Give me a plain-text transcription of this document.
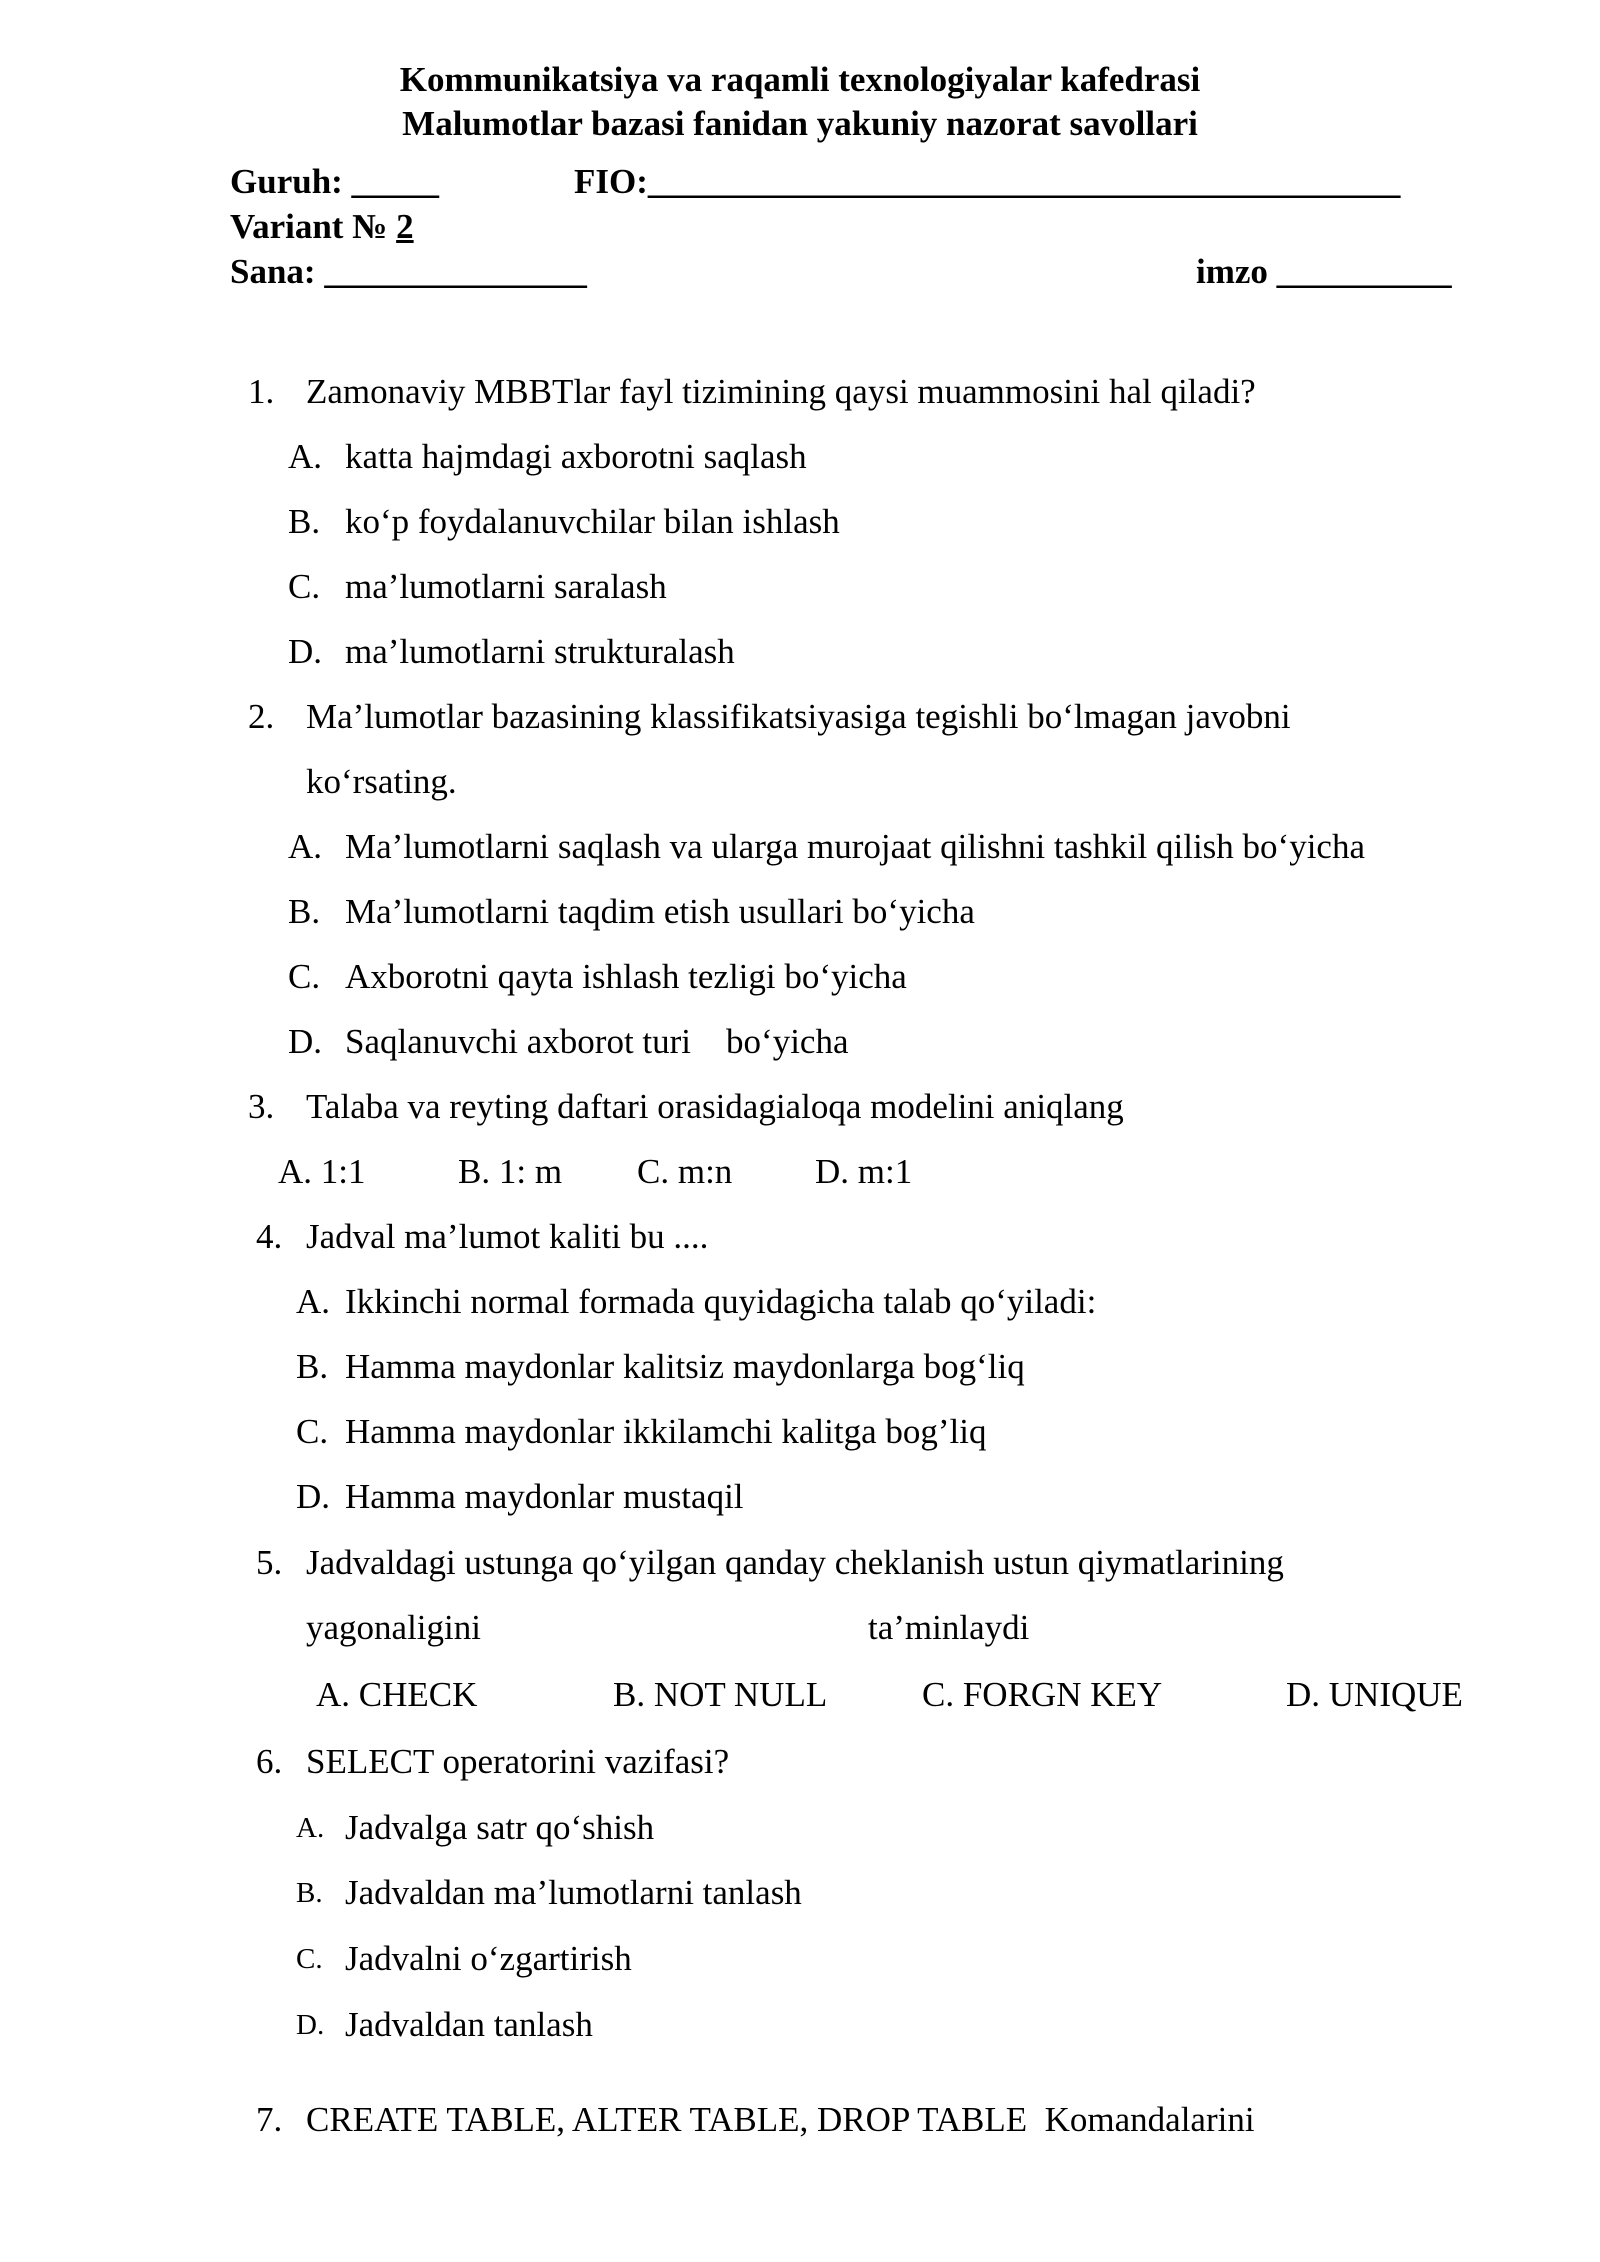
Kommunikatsiya va raqamli texnologiyalar kafedrasi
Malumotlar bazasi fanidan yakuniy nazorat savollari
Guruh: _____	FIO:___________________________________________
Variant № 2
Sana: _______________	imzo __________
1. Zamonaviy MBBTlar fayl tizimining qaysi muammosini hal qiladi?
A. katta hajmdagi axborotni saqlash
B. ko‘p foydalanuvchilar bilan ishlash
C. ma’lumotlarni saralash
D. ma’lumotlarni strukturalash
2. Ma’lumotlar bazasining klassifikatsiyasiga tegishli bo‘lmagan javobni
ko‘rsating.
A. Ma’lumotlarni saqlash va ularga murojaat qilishni tashkil qilish bo‘yicha
B. Ma’lumotlarni taqdim etish usullari bo‘yicha
C. Axborotni qayta ishlash tezligi bo‘yicha
D. Saqlanuvchi axborot turi    bo‘yicha
3. Talaba va reyting daftari orasidagialoqa modelini aniqlang
A. 1:1	B. 1: m C. m:n D. m:1
4. Jadval ma’lumot kaliti bu ....
A. Ikkinchi normal formada quyidagicha talab qo‘yiladi:
B. Hamma maydonlar kalitsiz maydonlarga bog‘liq
C. Hamma maydonlar ikkilamchi kalitga bog’liq
D. Hamma maydonlar mustaqil
5. Jadvaldagi ustunga qo‘yilgan qanday cheklanish ustun qiymatlarining
yagonaligini	ta’minlaydi
A. CHECK	B. NOT NULL	C. FORGN KEY	D. UNIQUE
6. SELECT operatorini vazifasi?
A. Jadvalga satr qo‘shish
B. Jadvaldan ma’lumotlarni tanlash
C. Jadvalni o‘zgartirish
D. Jadvaldan tanlash
7. CREATE TABLE, ALTER TABLE, DROP TABLE  Komandalarini
